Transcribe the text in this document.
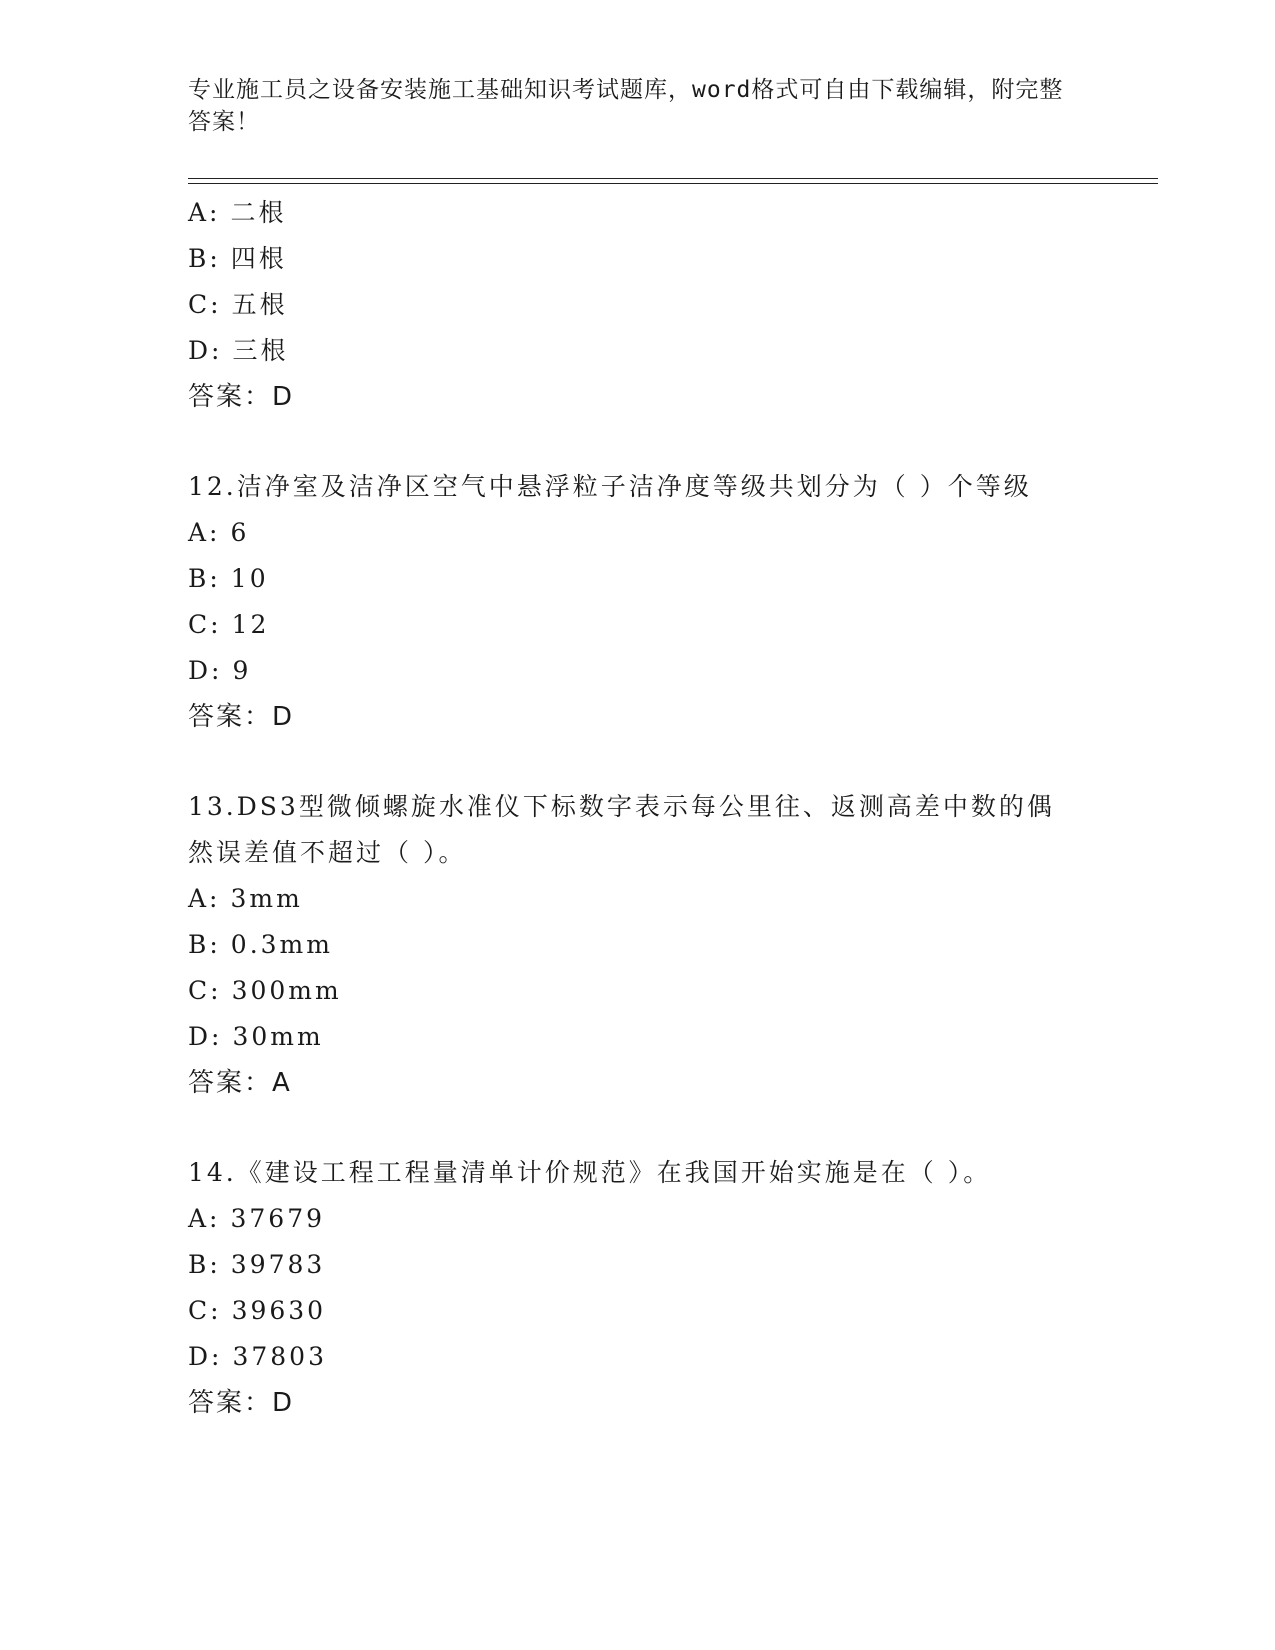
专业施工员之设备安装施工基础知识考试题库，word格式可自由下载编辑，附完整答案！
A: 二根
B: 四根
C: 五根
D: 三根
答案：D
12.洁净室及洁净区空气中悬浮粒子洁净度等级共划分为（ ）个等级
A: 6
B: 10
C: 12
D: 9
答案：D
13.DS3型微倾螺旋水准仪下标数字表示每公里往、返测高差中数的偶
然误差值不超过（ ）。
A: 3mm
B: 0.3mm
C: 300mm
D: 30mm
答案：A
14.《建设工程工程量清单计价规范》在我国开始实施是在（ ）。
A: 37679
B: 39783
C: 39630
D: 37803
答案：D
